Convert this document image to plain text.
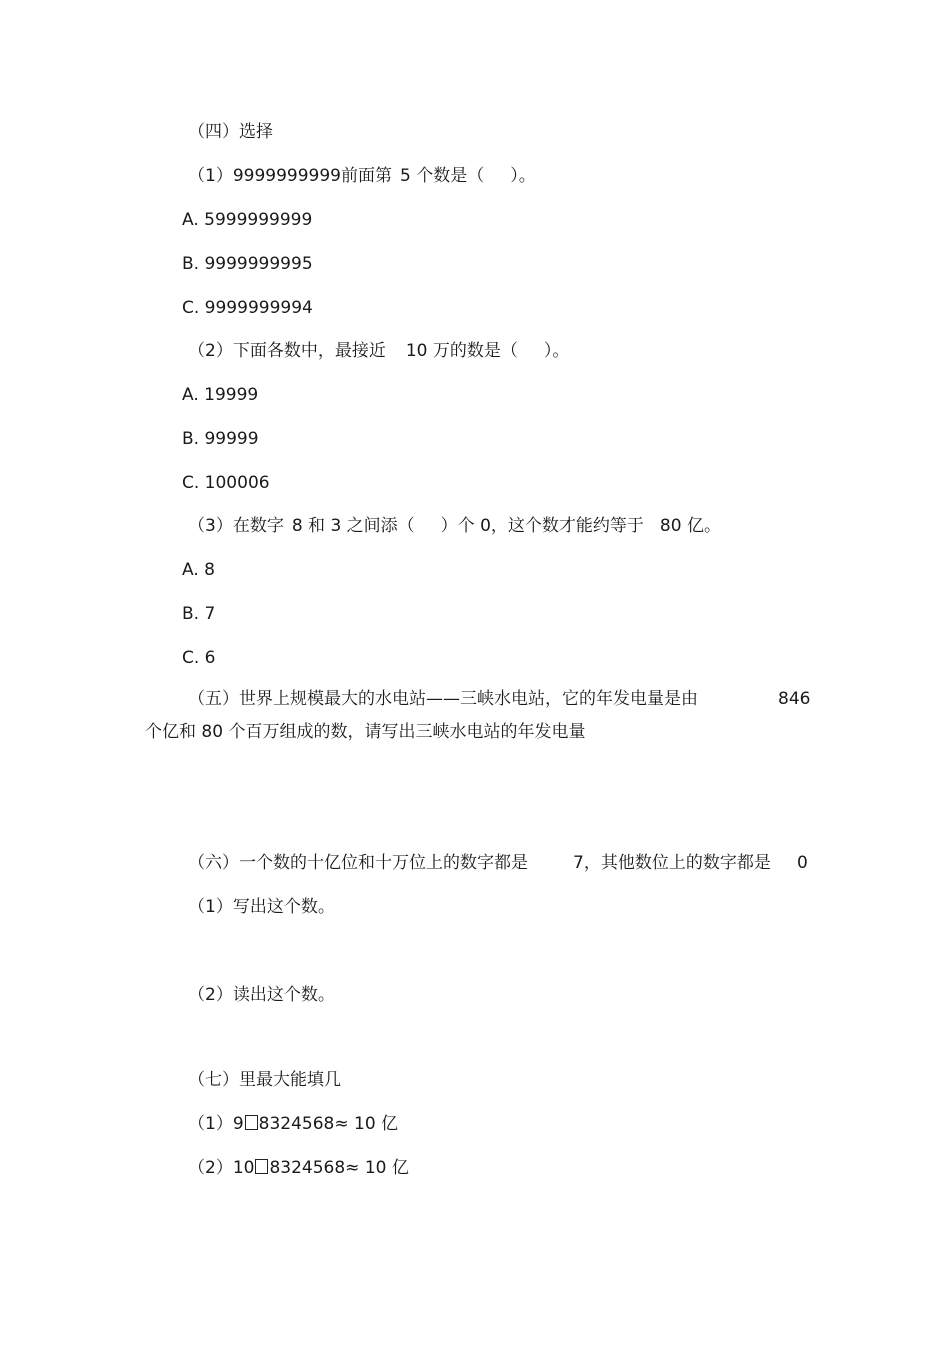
（四）选择
（1）9999999999前面第 5 个数是（ ）。
A. 5999999999
B. 9999999995
C. 9999999994
（2）下面各数中，最接近 10 万的数是（ ）。
A. 19999
B. 99999
C. 100006
（3）在数字 8 和 3 之间添（ ）个 0，这个数才能约等于 80 亿。
A. 8
B. 7
C. 6
（五）世界上规模最大的水电站——三峡水电站，它的年发电量是由	846
个亿和 80 个百万组成的数，请写出三峡水电站的年发电量
（六）一个数的十亿位和十万位上的数字都是	7，其他数位上的数字都是 0
（1）写出这个数。
（2）读出这个数。
（七）里最大能填几
（1）9 8324568≈ 10 亿
（2）10 8324568≈ 10 亿
